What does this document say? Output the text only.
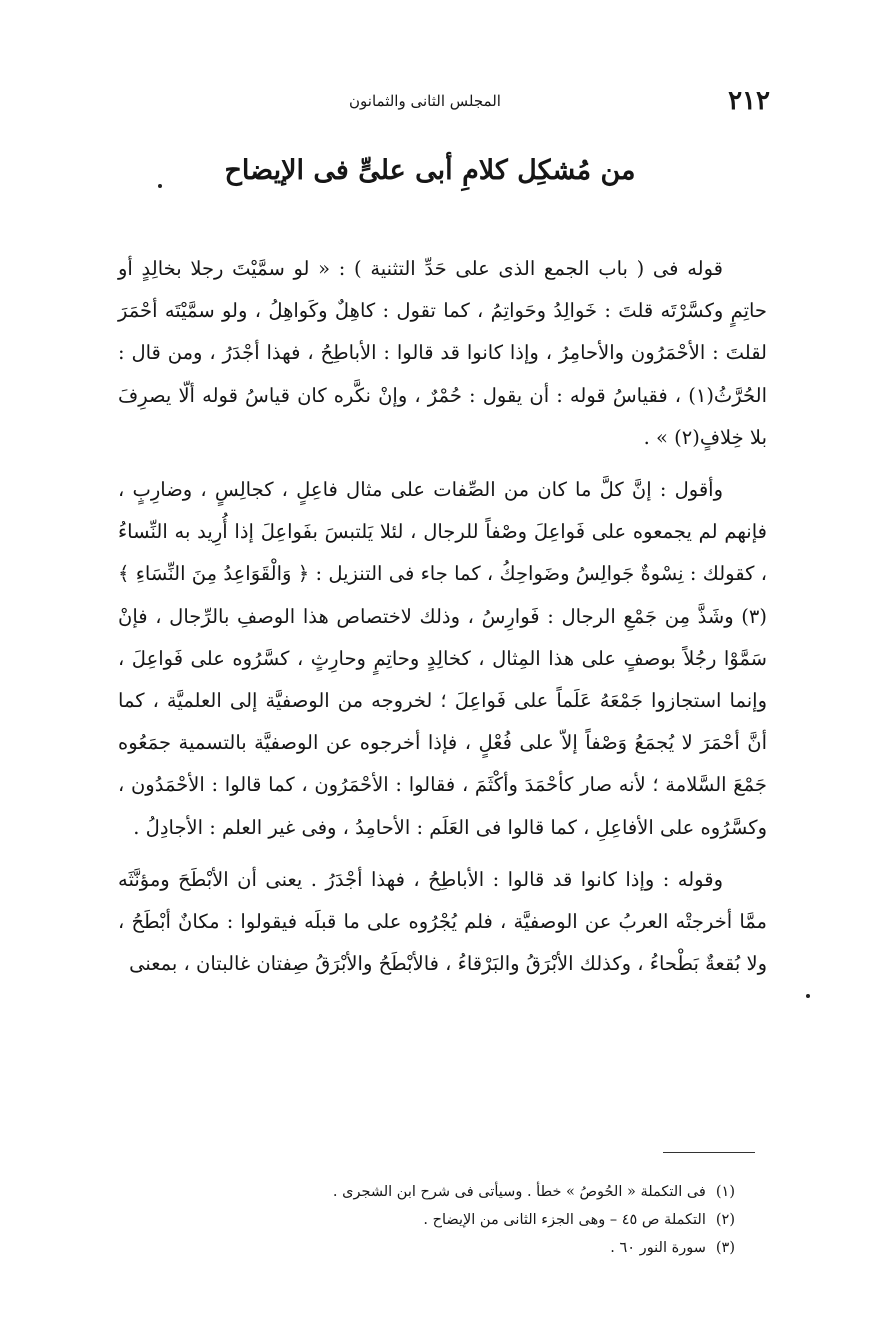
٢١٢
المجلس الثانى والثمانون
من مُشكِل كلامِ أبى علىٍّ فى الإيضاح

قوله فى ( باب الجمع الذى على حَدِّ التثنية ) : « لو سمَّيْتَ رجلا بخالِدٍ أو حاتِمٍ وكسَّرْتَه قلتَ : خَوالِدُ وحَواتِمُ ، كما تقول : كاهِلٌ وكَواهِلُ ، ولو سمَّيْتَه أحْمَرَ لقلتَ : الأحْمَرُون والأحامِرُ ، وإذا كانوا قد قالوا : الأباطِحُ ، فهذا أجْدَرُ ، ومن قال : الحُرَّثُ(١) ، فقياسُ قوله : أن يقول : حُمْرٌ ، وإنْ نكَّره كان قياسُ قوله ألّا يصرِفَ بلا خِلافٍ(٢) » .

وأقول : إنَّ كلَّ ما كان من الصِّفات على مثال فاعِلٍ ، كجالِسٍ ، وضارِبٍ ، فإنهم لم يجمعوه على فَواعِلَ وصْفاً للرجال ، لئلا يَلتبسَ بفَواعِلَ إذا أُرِيد به النِّساءُ ، كقولك : نِسْوةٌ جَوالِسُ وضَواحِكُ ، كما جاء فى التنزيل : ﴿ وَالْقَوَاعِدُ مِنَ النِّسَاءِ ﴾(٣) وشَذَّ مِن جَمْعِ الرجال : فَوارِسُ ، وذلك لاختصاص هذا الوصفِ بالرِّجال ، فإنْ سَمَّوْا رجُلاً بوصفٍ على هذا المِثال ، كخالِدٍ وحاتِمٍ وحارِثٍ ، كسَّرُوه على فَواعِلَ ، وإنما استجازوا جَمْعَهُ عَلَماً على فَواعِلَ ؛ لخروجه من الوصفيَّة إلى العلميَّة ، كما أنَّ أحْمَرَ لا يُجمَعُ وَصْفاً إلاّ على فُعْلٍ ، فإذا أخرجوه عن الوصفيَّة بالتسمية جمَعُوه جَمْعَ السَّلامة ؛ لأنه صار كأحْمَدَ وأكْثَمَ ، فقالوا : الأحْمَرُون ، كما قالوا : الأحْمَدُون ، وكسَّرُوه على الأفاعِلِ ، كما قالوا فى العَلَم : الأحامِدُ ، وفى غير العلم : الأجادِلُ .

وقوله : وإذا كانوا قد قالوا : الأباطِحُ ، فهذا أجْدَرُ . يعنى أن الأبْطَحَ ومؤنَّثَه ممَّا أخرجتْه العربُ عن الوصفيَّة ، فلم يُجْرُوه على ما قبلَه فيقولوا : مكانٌ أبْطَحُ ، ولا بُقعةٌ بَطْحاءُ ، وكذلك الأبْرَقُ والبَرْقاءُ ، فالأبْطَحُ والأبْرَقُ صِفتان غالبتان ، بمعنى

(١)فى التكملة « الحُوصُ » خطأ . وسيأتى فى شرح ابن الشجرى .
(٢)التكملة ص ٤٥ – وهى الجزء الثانى من الإيضاح .
(٣)سورة النور ٦٠ .
